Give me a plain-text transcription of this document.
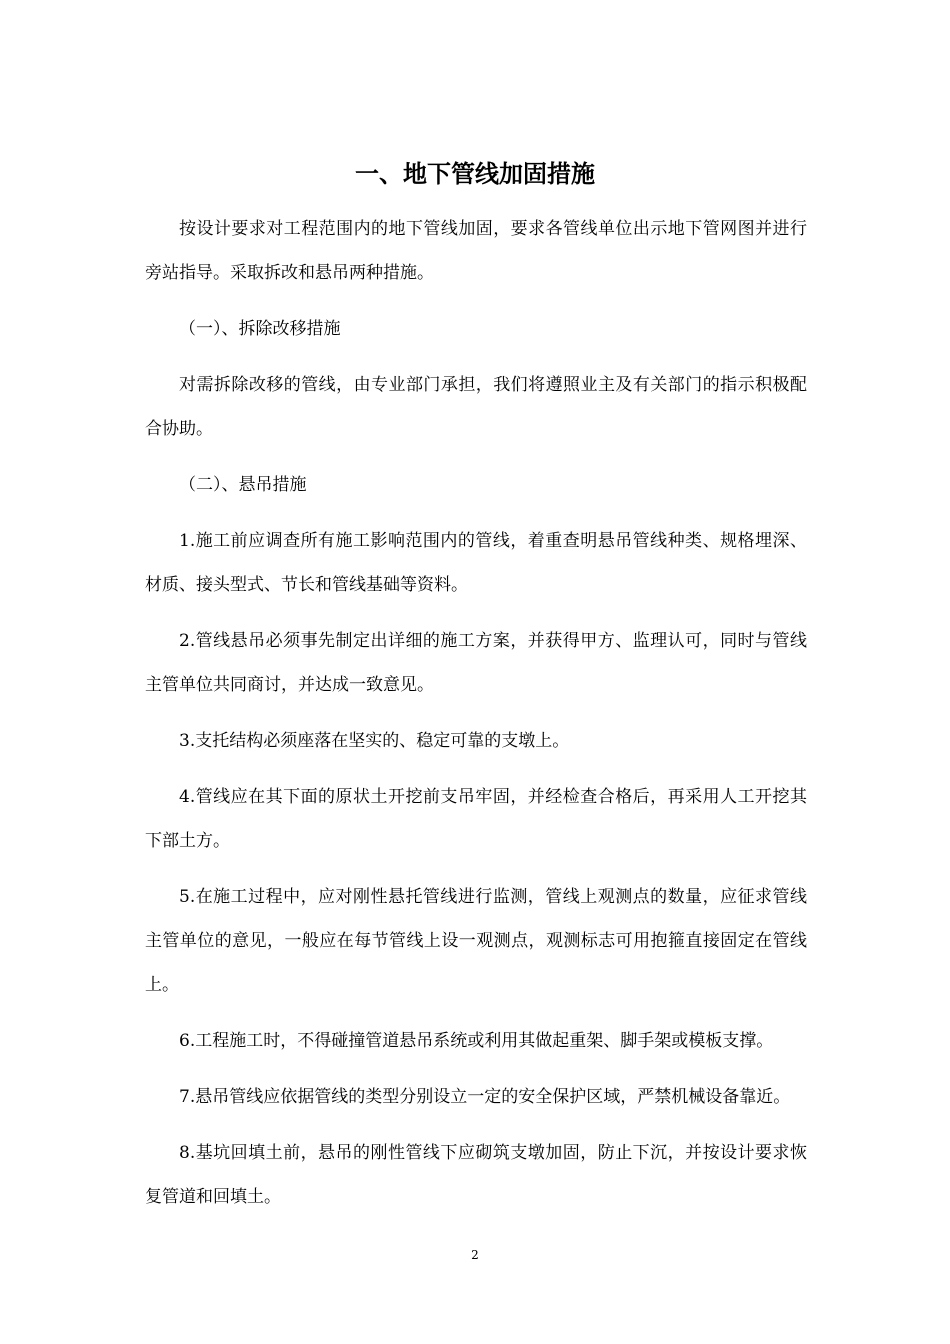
一、地下管线加固措施

按设计要求对工程范围内的地下管线加固，要求各管线单位出示地下管网图并进行旁站指导。采取拆改和悬吊两种措施。

（一）、拆除改移措施

对需拆除改移的管线，由专业部门承担，我们将遵照业主及有关部门的指示积极配合协助。

（二）、悬吊措施

1.施工前应调查所有施工影响范围内的管线，着重查明悬吊管线种类、规格埋深、材质、接头型式、节长和管线基础等资料。

2.管线悬吊必须事先制定出详细的施工方案，并获得甲方、监理认可，同时与管线主管单位共同商讨，并达成一致意见。

3.支托结构必须座落在坚实的、稳定可靠的支墩上。

4.管线应在其下面的原状土开挖前支吊牢固，并经检查合格后，再采用人工开挖其下部土方。

5.在施工过程中，应对刚性悬托管线进行监测，管线上观测点的数量，应征求管线主管单位的意见，一般应在每节管线上设一观测点，观测标志可用抱箍直接固定在管线上。

6.工程施工时，不得碰撞管道悬吊系统或利用其做起重架、脚手架或模板支撑。

7.悬吊管线应依据管线的类型分别设立一定的安全保护区域，严禁机械设备靠近。

8.基坑回填土前，悬吊的刚性管线下应砌筑支墩加固，防止下沉，并按设计要求恢复管道和回填土。

2
